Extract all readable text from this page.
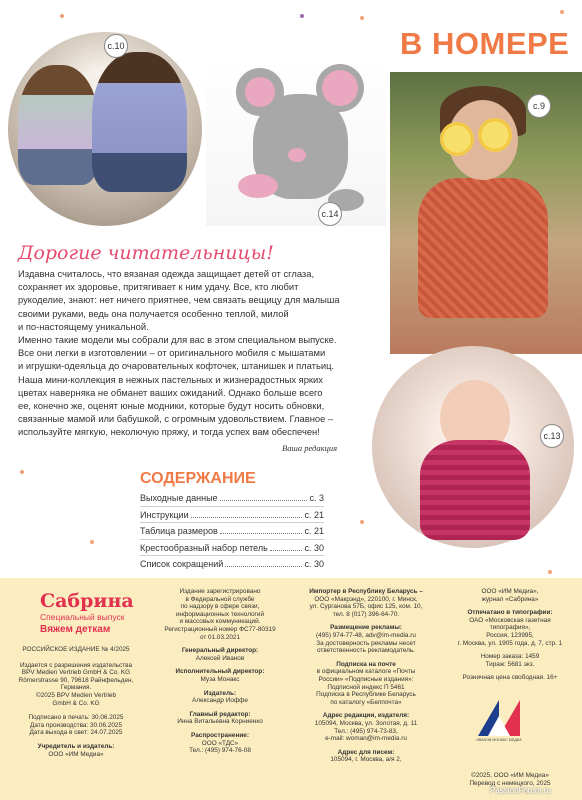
с.10
с.14
с.9
с.13
В НОМЕРЕ
Дорогие читательницы!

Издавна считалось, что вязаная одежда защищает детей от сглаза,

сохраняет их здоровье, притягивает к ним удачу. Все, кто любит

рукоделие, знают: нет ничего приятнее, чем связать вещицу для малыша

своими руками, ведь она получается особенно теплой, милой

и по-настоящему уникальной.

Именно такие модели мы собрали для вас в этом специальном выпуске.

Все они легки в изготовлении – от оригинального мобиля с мышатами

и игрушки-одеяльца до очаровательных кофточек, штанишек и платьиц.

Наша мини-коллекция в нежных пастельных и жизнерадостных ярких

цветах наверняка не обманет ваших ожиданий. Однако больше всего

ее, конечно же, оценят юные модники, которые будут носить обновки,

связанные мамой или бабушкой, с огромным удовольствием. Главное –

используйте мягкую, неколючую пряжу, и тогда успех вам обеспечен!

Ваша редакция
СОДЕРЖАНИЕ
Выходные данные	с. 3
Инструкции	с. 21
Таблица размеров	с. 21
Крестообразный набор петель	с. 30
Список сокращений	с. 30
Сабрина
Специальный выпуск
Вяжем деткам
РОССИЙСКОЕ ИЗДАНИЕ № 4/2025
Издается с разрешения издательства
BPV Medien Vertrieb GmbH & Co. KG
Römerstrasse 90, 79618 Райнфельден,
Германия.
©2025 BPV Medien Vertrieb
GmbH & Co. KG
Подписано в печать: 30.06.2025
Дата производства: 30.06.2025
Дата выхода в свет: 24.07.2025
Учредитель и издатель:
ООО «ИМ Медиа»
Издание зарегистрировано
в Федеральной службе
по надзору в сфере связи,
информационных технологий
и массовых коммуникаций.
Регистрационный номер ФС77-80319
от 01.03.2021
Генеральный директор:
Алексей Иванов
Исполнительный директор:
Муза Монакс
Издатель:
Александр Иоффе
Главный редактор:
Инна Витальевна Корниенко
Распространение:
ООО «ТДС»
Тел.: (495) 974-76-08
Импортер в Республику Беларусь –
ООО «Макрэнд», 220100, г. Минск,
ул. Сурганова 57Б, офис 125, ком. 10,
тел. 8 (017) 396-64-70.
Размещение рекламы:
(495) 974-77-48, adv@im-media.ru
За достоверность рекламы несет
ответственность рекламодатель.
Подписка на почте
в официальном каталоге «Почты
России» «Подписные издания»:
Подписной индекс П 5461
Подписка в Республике Беларусь
по каталогу «Белпочта»
Адрес редакции, издателя:
105094, Москва, ул. Золотая, д. 11
Тел.: (495) 974-73-83,
e-mail: woman@im-media.ru
Адрес для писем:
105094, г. Москва, а/я 2,
ООО «ИМ Медиа»,
журнал «Сабрина»
Отпечатано в типографии:
ОАО «Московская газетная
типография»,
Россия, 123995,
г. Москва, ул. 1905 года, д. 7, стр. 1
Номер заказа: 1459
Тираж: 5681 экз.
Розничная цена свободная. 16+
ИВАНОВ МОНАКС МЕДИА
©2025, ООО «ИМ Медиа»
Перевод с немецкого, 2025
PassionForum.ru
